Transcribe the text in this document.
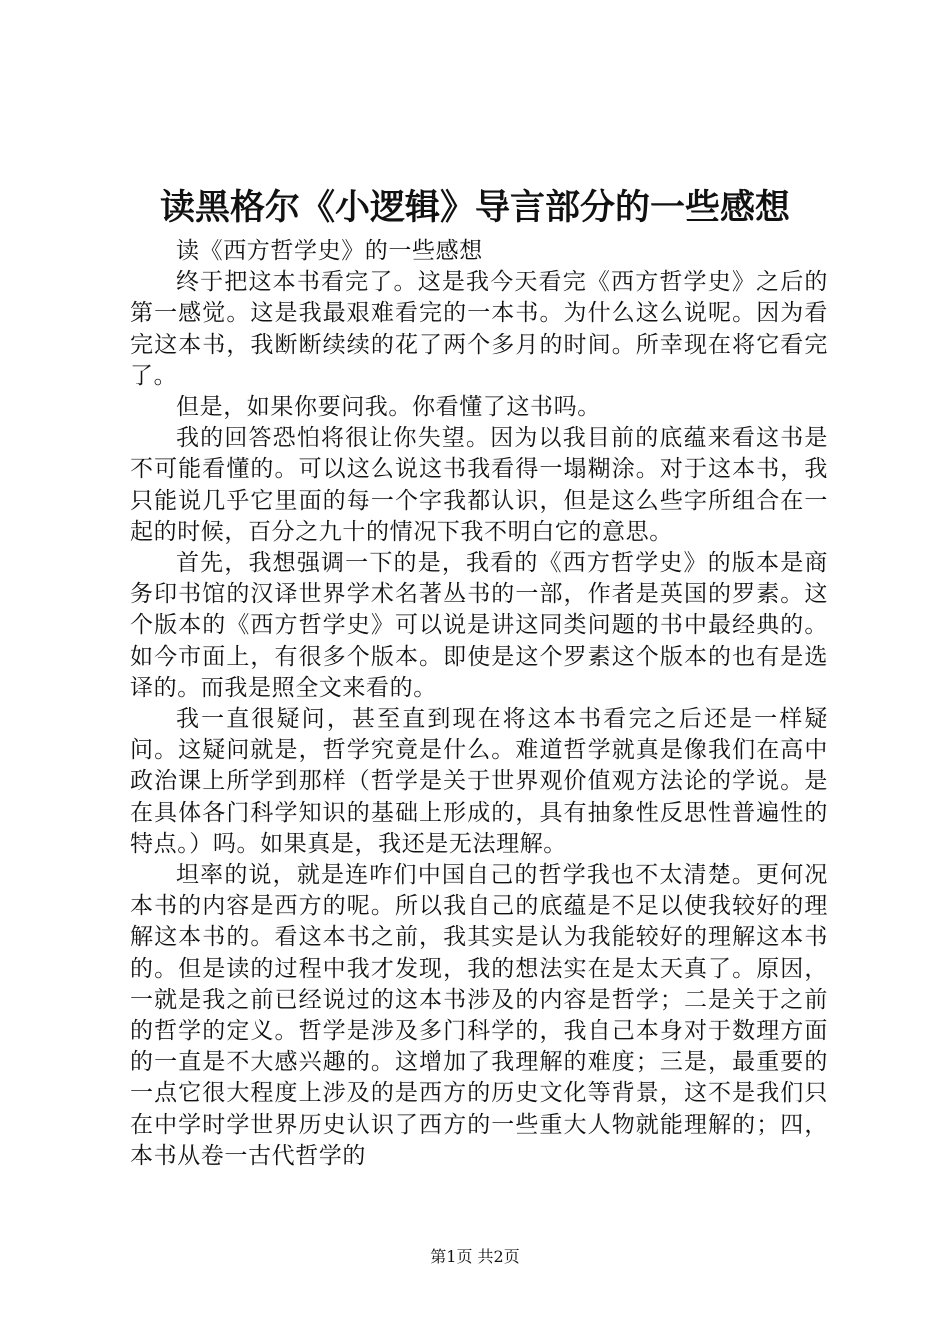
读黑格尔《小逻辑》导言部分的一些感想

读《西方哲学史》的一些感想

终于把这本书看完了。这是我今天看完《西方哲学史》之后的第一感觉。这是我最艰难看完的一本书。为什么这么说呢。因为看完这本书，我断断续续的花了两个多月的时间。所幸现在将它看完了。

但是，如果你要问我。你看懂了这书吗。

我的回答恐怕将很让你失望。因为以我目前的底蕴来看这书是不可能看懂的。可以这么说这书我看得一塌糊涂。对于这本书，我只能说几乎它里面的每一个字我都认识，但是这么些字所组合在一起的时候，百分之九十的情况下我不明白它的意思。

首先，我想强调一下的是，我看的《西方哲学史》的版本是商务印书馆的汉译世界学术名著丛书的一部，作者是英国的罗素。这个版本的《西方哲学史》可以说是讲这同类问题的书中最经典的。如今市面上，有很多个版本。即使是这个罗素这个版本的也有是选译的。而我是照全文来看的。

我一直很疑问，甚至直到现在将这本书看完之后还是一样疑问。这疑问就是，哲学究竟是什么。难道哲学就真是像我们在高中政治课上所学到那样（哲学是关于世界观价值观方法论的学说。是在具体各门科学知识的基础上形成的，具有抽象性反思性普遍性的特点。）吗。如果真是，我还是无法理解。

坦率的说，就是连咋们中国自己的哲学我也不太清楚。更何况本书的内容是西方的呢。所以我自己的底蕴是不足以使我较好的理解这本书的。看这本书之前，我其实是认为我能较好的理解这本书的。但是读的过程中我才发现，我的想法实在是太天真了。原因，一就是我之前已经说过的这本书涉及的内容是哲学；二是关于之前的哲学的定义。哲学是涉及多门科学的，我自己本身对于数理方面的一直是不大感兴趣的。这增加了我理解的难度；三是，最重要的一点它很大程度上涉及的是西方的历史文化等背景，这不是我们只在中学时学世界历史认识了西方的一些重大人物就能理解的；四，本书从卷一古代哲学的

第1页 共2页
